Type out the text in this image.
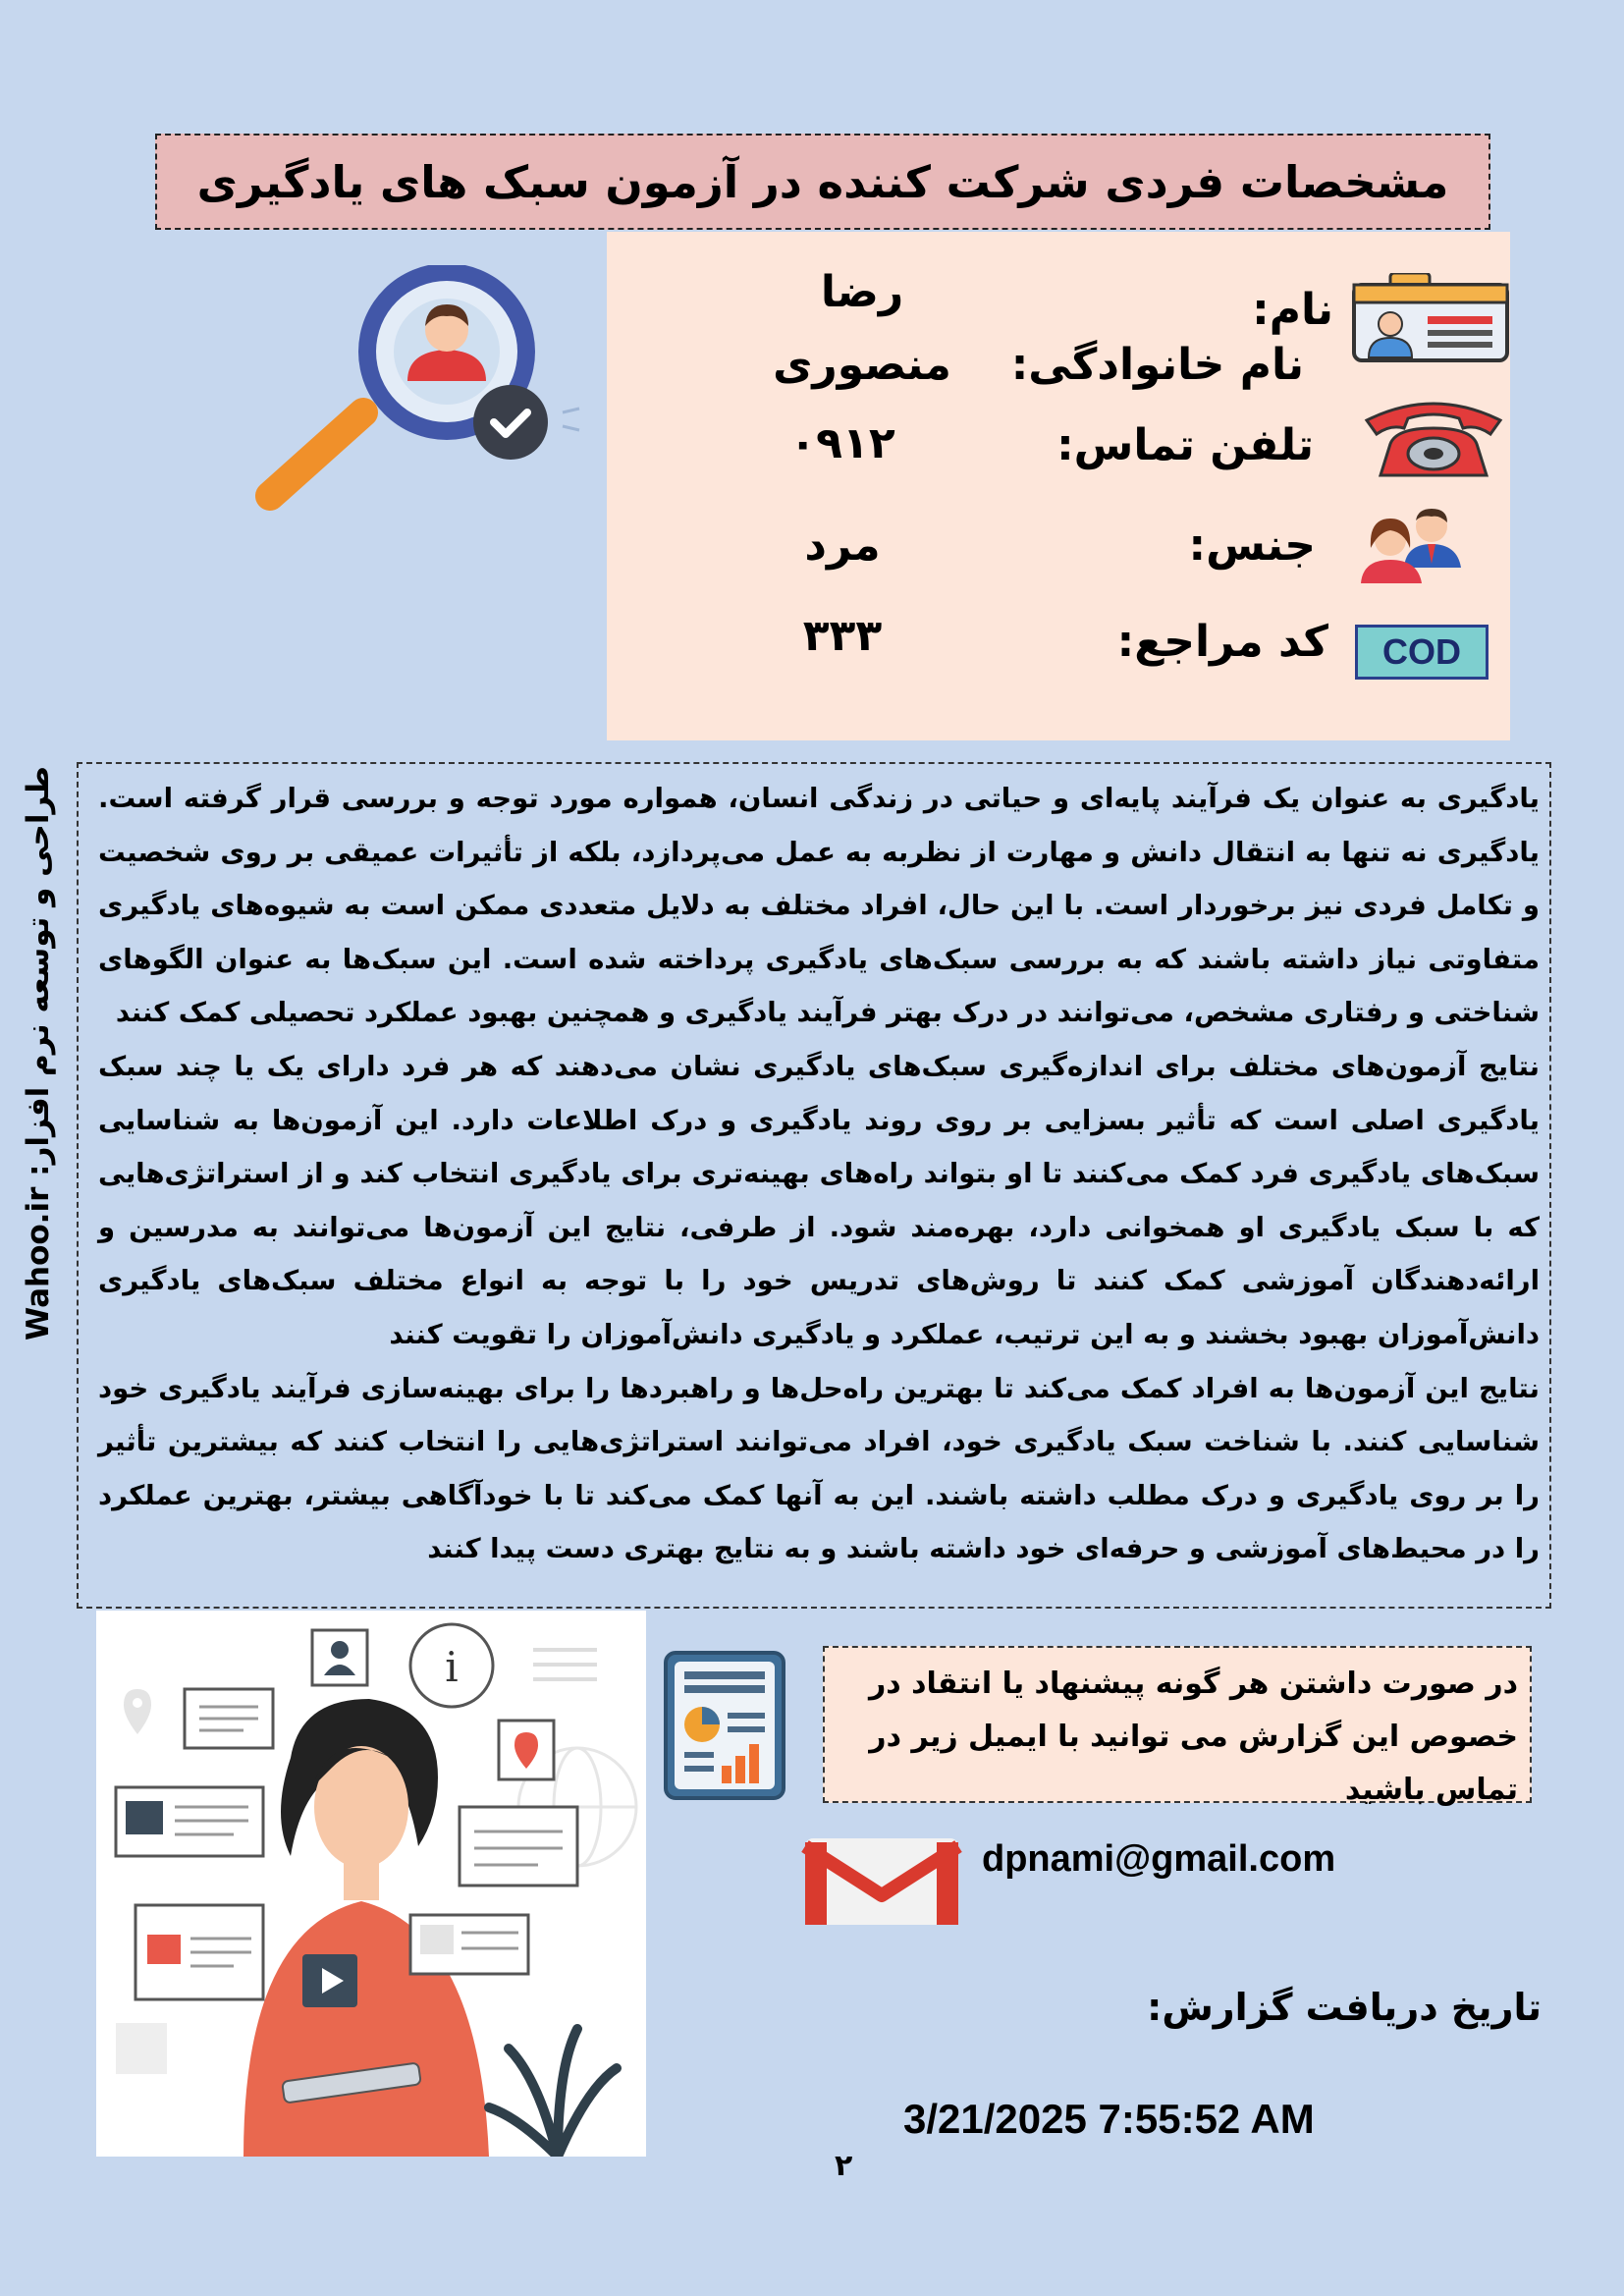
مشخصات فردی شرکت کننده در آزمون سبک های یادگیری
COD
نام:
نام خانوادگی:
تلفن تماس:
جنس:
کد مراجع:
رضا
منصوری
۰۹۱۲
مرد
۳۳۳
طراحی و توسعه نرم افزار: Wahoo.ir	یادگیری به عنوان یک فرآیند پایه‌ای و حیاتی در زندگی انسان، همواره مورد توجه و بررسی قرار گرفته است. یادگیری نه تنها به انتقال دانش و مهارت از نظربه به عمل می‌پردازد، بلکه از تأثیرات عمیقی بر روی شخصیت و تکامل فردی نیز برخوردار است. با این حال، افراد مختلف به دلایل متعددی ممکن است به شیوه‌های یادگیری متفاوتی نیاز داشته باشند که به بررسی سبک‌های یادگیری پرداخته شده است. این سبک‌ها به عنوان الگوهای شناختی و رفتاری مشخص، می‌توانند در درک بهتر فرآیند یادگیری و همچنین بهبود عملکرد تحصیلی کمک کنند

نتایج آزمون‌های مختلف برای اندازه‌گیری سبک‌های یادگیری نشان می‌دهند که هر فرد دارای یک یا چند سبک یادگیری اصلی است که تأثیر بسزایی بر روی روند یادگیری و درک اطلاعات دارد. این آزمون‌ها به شناسایی سبک‌های یادگیری فرد کمک می‌کنند تا او بتواند راه‌های بهینه‌تری برای یادگیری انتخاب کند و از استراتژی‌هایی که با سبک یادگیری او همخوانی دارد، بهره‌مند شود. از طرفی، نتایج این آزمون‌ها می‌توانند به مدرسین و ارائه‌دهندگان آموزشی کمک کنند تا روش‌های تدریس خود را با توجه به انواع مختلف سبک‌های یادگیری دانش‌آموزان بهبود بخشند و به این ترتیب، عملکرد و یادگیری دانش‌آموزان را تقویت کنند

نتایج این آزمون‌ها به افراد کمک می‌کند تا بهترین راه‌حل‌ها و راهبردها را برای بهینه‌سازی فرآیند یادگیری خود شناسایی کنند. با شناخت سبک یادگیری خود، افراد می‌توانند استراتژی‌هایی را انتخاب کنند که بیشترین تأثیر را بر روی یادگیری و درک مطلب داشته باشند. این به آنها کمک می‌کند تا با خودآگاهی بیشتر، بهترین عملکرد را در محیط‌های آموزشی و حرفه‌ای خود داشته باشند و به نتایج بهتری دست پیدا کنند

i	در صورت داشتن هر گونه پیشنهاد یا انتقاد در خصوص این گزارش می توانید با ایمیل زیر در تماس باشید
dpnami@gmail.com
تاریخ دریافت گزارش:
3/21/2025 7:55:52 AM
۲
